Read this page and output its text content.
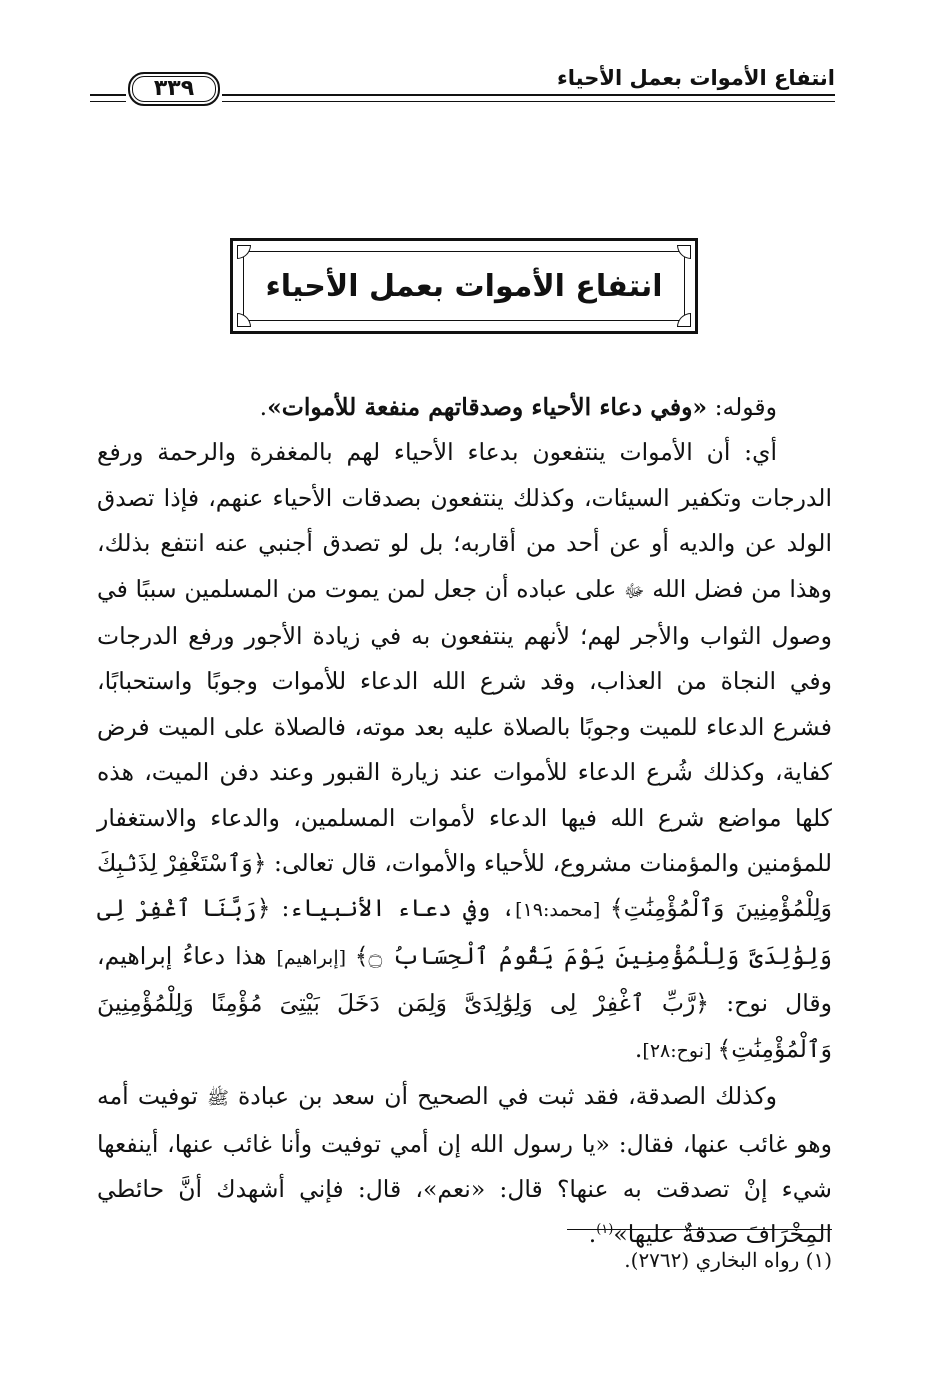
٣٣٩	انتفاع الأموات بعمل الأحياء
انتفاع الأموات بعمل الأحياء

وقوله: «وفي دعاء الأحياء وصدقاتهم منفعة للأموات».

أي: أن الأموات ينتفعون بدعاء الأحياء لهم بالمغفرة والرحمة ورفع الدرجات وتكفير السيئات، وكذلك ينتفعون بصدقات الأحياء عنهم، فإذا تصدق الولد عن والديه أو عن أحد من أقاربه؛ بل لو تصدق أجنبي عنه انتفع بذلك، وهذا من فضل الله ﷻ على عباده أن جعل لمن يموت من المسلمين سببًا في وصول الثواب والأجر لهم؛ لأنهم ينتفعون به في زيادة الأجور ورفع الدرجات وفي النجاة من العذاب، وقد شرع الله الدعاء للأموات وجوبًا واستحبابًا، فشرع الدعاء للميت وجوبًا بالصلاة عليه بعد موته، فالصلاة على الميت فرض كفاية، وكذلك شُرع الدعاء للأموات عند زيارة القبور وعند دفن الميت، هذه كلها مواضع شرع الله فيها الدعاء لأموات المسلمين، والدعاء والاستغفار للمؤمنين والمؤمنات مشروع، للأحياء والأموات، قال تعالى: ﴿وَٱسْتَغْفِرْ لِذَنۢبِكَ وَلِلْمُؤْمِنِينَ وَٱلْمُؤْمِنَٰتِ﴾ [محمد:١٩]، وفي دعاء الأنبياء: ﴿رَبَّنَا ٱغْفِرْ لِى وَلِوَٰلِدَىَّ وَلِلْمُؤْمِنِينَ يَوْمَ يَقُومُ ٱلْحِسَابُ ۝﴾ [إبراهيم] هذا دعاءُ إبراهيم، وقال نوح: ﴿رَّبِّ ٱغْفِرْ لِى وَلِوَٰلِدَىَّ وَلِمَن دَخَلَ بَيْتِىَ مُؤْمِنًا وَلِلْمُؤْمِنِينَ وَٱلْمُؤْمِنَٰتِ﴾ [نوح:٢٨].

وكذلك الصدقة، فقد ثبت في الصحيح أن سعد بن عبادة ﷺ توفيت أمه وهو غائب عنها، فقال: «يا رسول الله إن أمي توفيت وأنا غائب عنها، أينفعها شيء إنْ تصدقت به عنها؟ قال: «نعم»، قال: فإني أشهدك أنَّ حائطي المِخْرَافَ صدقةٌ عليها»$^{(١)}$.

(١) رواه البخاري (٢٧٦٢).
